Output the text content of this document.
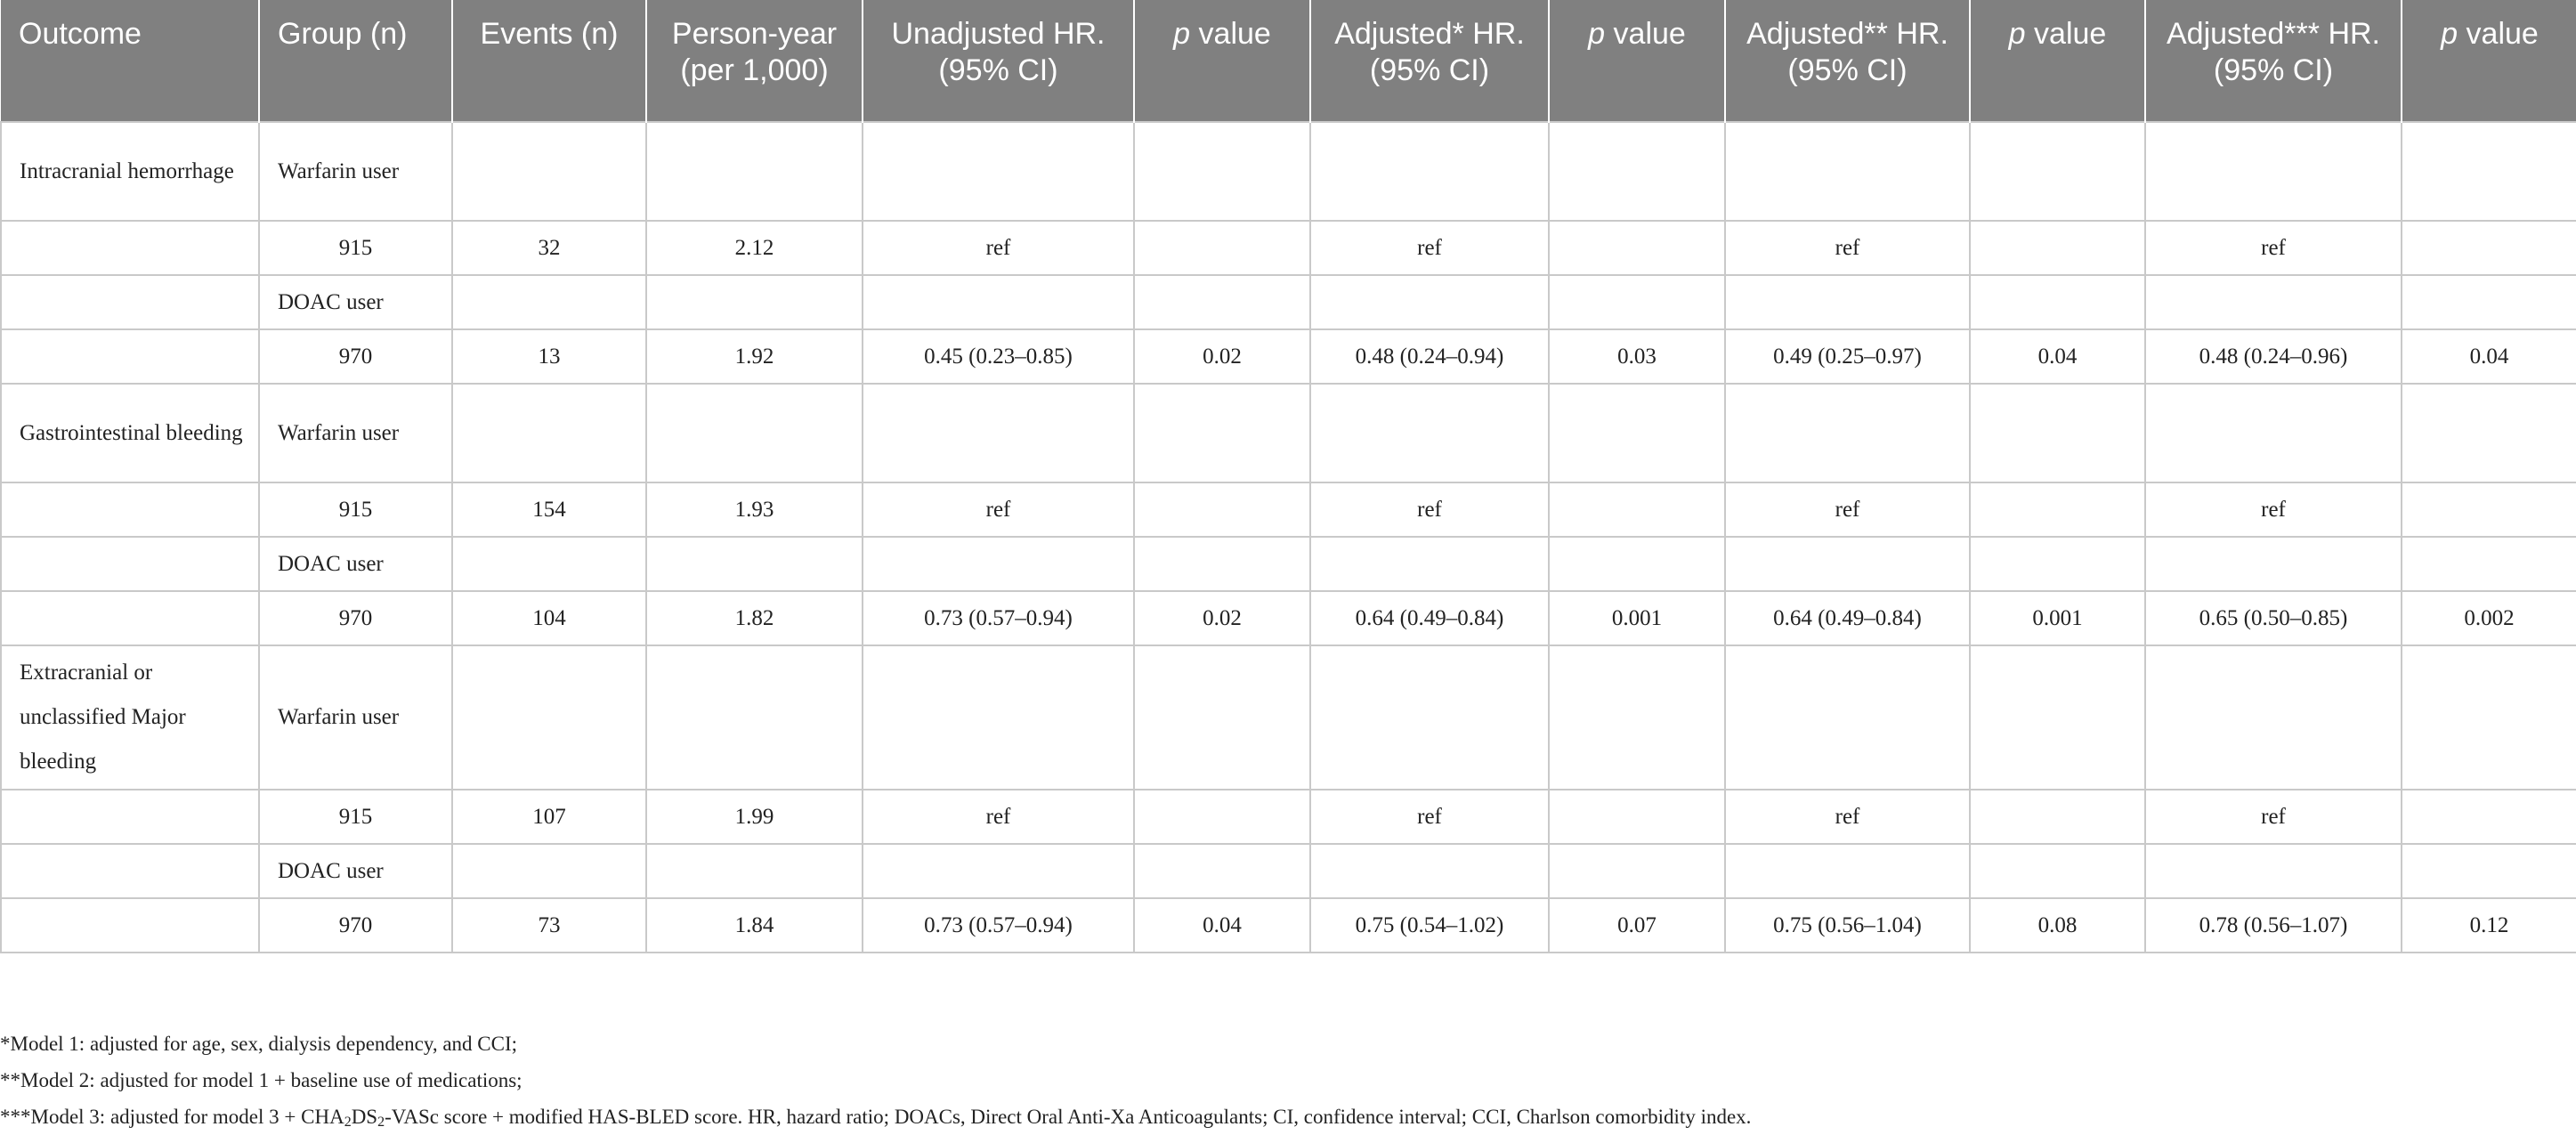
Outcome	Group (n)	Events (n)	Person-year (per 1,000)	Unadjusted HR. (95% CI)	p value	Adjusted* HR. (95% CI)	p value	Adjusted** HR. (95% CI)	p value	Adjusted*** HR. (95% CI)	p value
Intracranial hemorrhage	Warfarin user										
	915	32	2.12	ref		ref		ref		ref	
	DOAC user										
	970	13	1.92	0.45 (0.23–0.85)	0.02	0.48 (0.24–0.94)	0.03	0.49 (0.25–0.97)	0.04	0.48 (0.24–0.96)	0.04
Gastrointestinal bleeding	Warfarin user										
	915	154	1.93	ref		ref		ref		ref	
	DOAC user										
	970	104	1.82	0.73 (0.57–0.94)	0.02	0.64 (0.49–0.84)	0.001	0.64 (0.49–0.84)	0.001	0.65 (0.50–0.85)	0.002
Extracranial or unclassified Major bleeding	Warfarin user										
	915	107	1.99	ref		ref		ref		ref	
	DOAC user										
	970	73	1.84	0.73 (0.57–0.94)	0.04	0.75 (0.54–1.02)	0.07	0.75 (0.56–1.04)	0.08	0.78 (0.56–1.07)	0.12

*Model 1: adjusted for age, sex, dialysis dependency, and CCI;

**Model 2: adjusted for model 1 + baseline use of medications;

***Model 3: adjusted for model $3 + CHA_2DS_2$-VASc score + modified HAS-BLED score. HR, hazard ratio; DOACs, Direct Oral Anti-Xa Anticoagulants; CI, confidence interval; CCI, Charlson comorbidity index.
